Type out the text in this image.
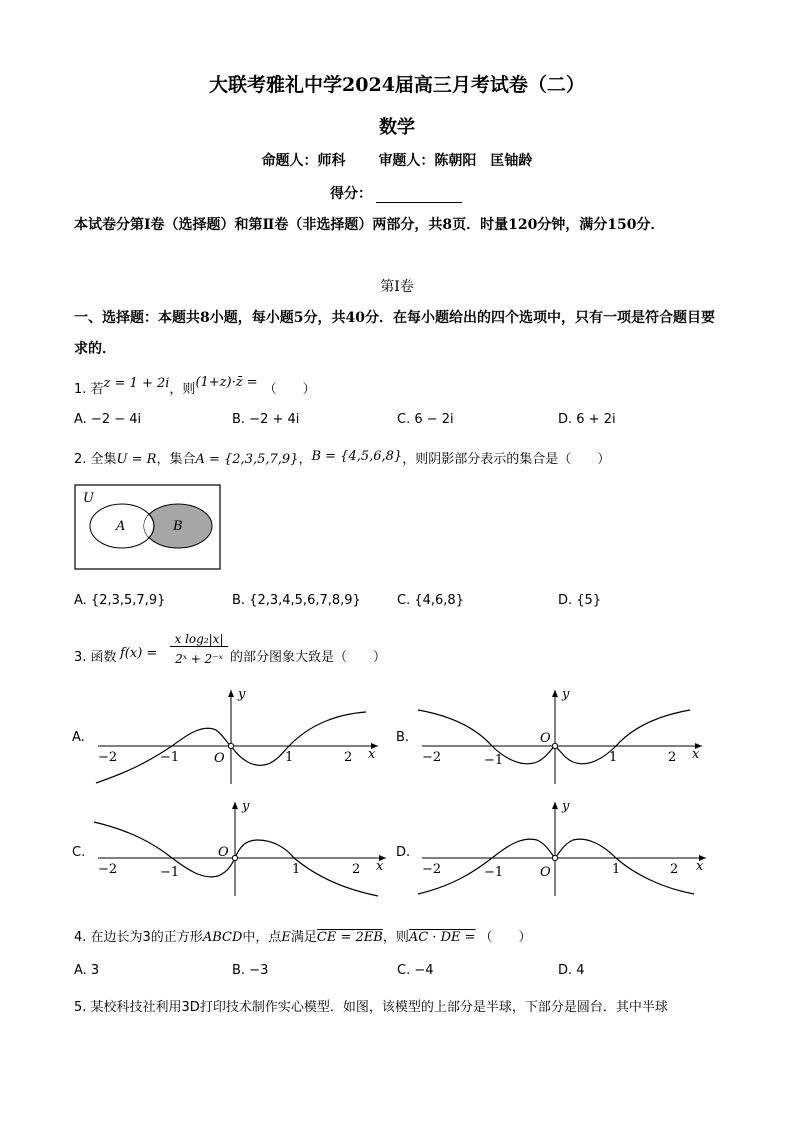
大联考雅礼中学2024届高三月考试卷（二）
数学
命题人：师科 审题人：陈朝阳　匡铀龄
得分：
本试卷分第Ⅰ卷（选择题）和第Ⅱ卷（非选择题）两部分，共8页．时量120分钟，满分150分．
第Ⅰ卷
一、选择题：本题共8小题，每小题5分，共40分．在每小题给出的四个选项中，只有一项是符合题目要求的．
1. 若z = 1 + 2i，则(1+z)·z̄ = （　　）
A. −2 − 4i	B. −2 + 4i	C. 6 − 2i	D. 6 + 2i
2. 全集U = R，集合A = {2,3,5,7,9}，B = {4,5,6,8}，则阴影部分表示的集合是（　　）
U
A	B
A. {2,3,5,7,9}	B. {2,3,4,5,6,7,8,9}	C. {4,6,8}	D. {5}
3. 函数 f(x) =
x log₂|x|
2ˣ + 2⁻ˣ 的部分图象大致是（　　）
A.
y
x
O
−2	−1	1	2
B.
y
x
O
−2	−1	1	2
C.
y
x
O
−2	−1	1	2
D.
y
x
O
−2	−1	1	2
4. 在边长为3的正方形ABCD中，点E满足CE = 2EB，则AC · DE = （　　）
A. 3	B. −3	C. −4	D. 4
5. 某校科技社利用3D打印技术制作实心模型．如图，该模型的上部分是半球，下部分是圆台．其中半球
